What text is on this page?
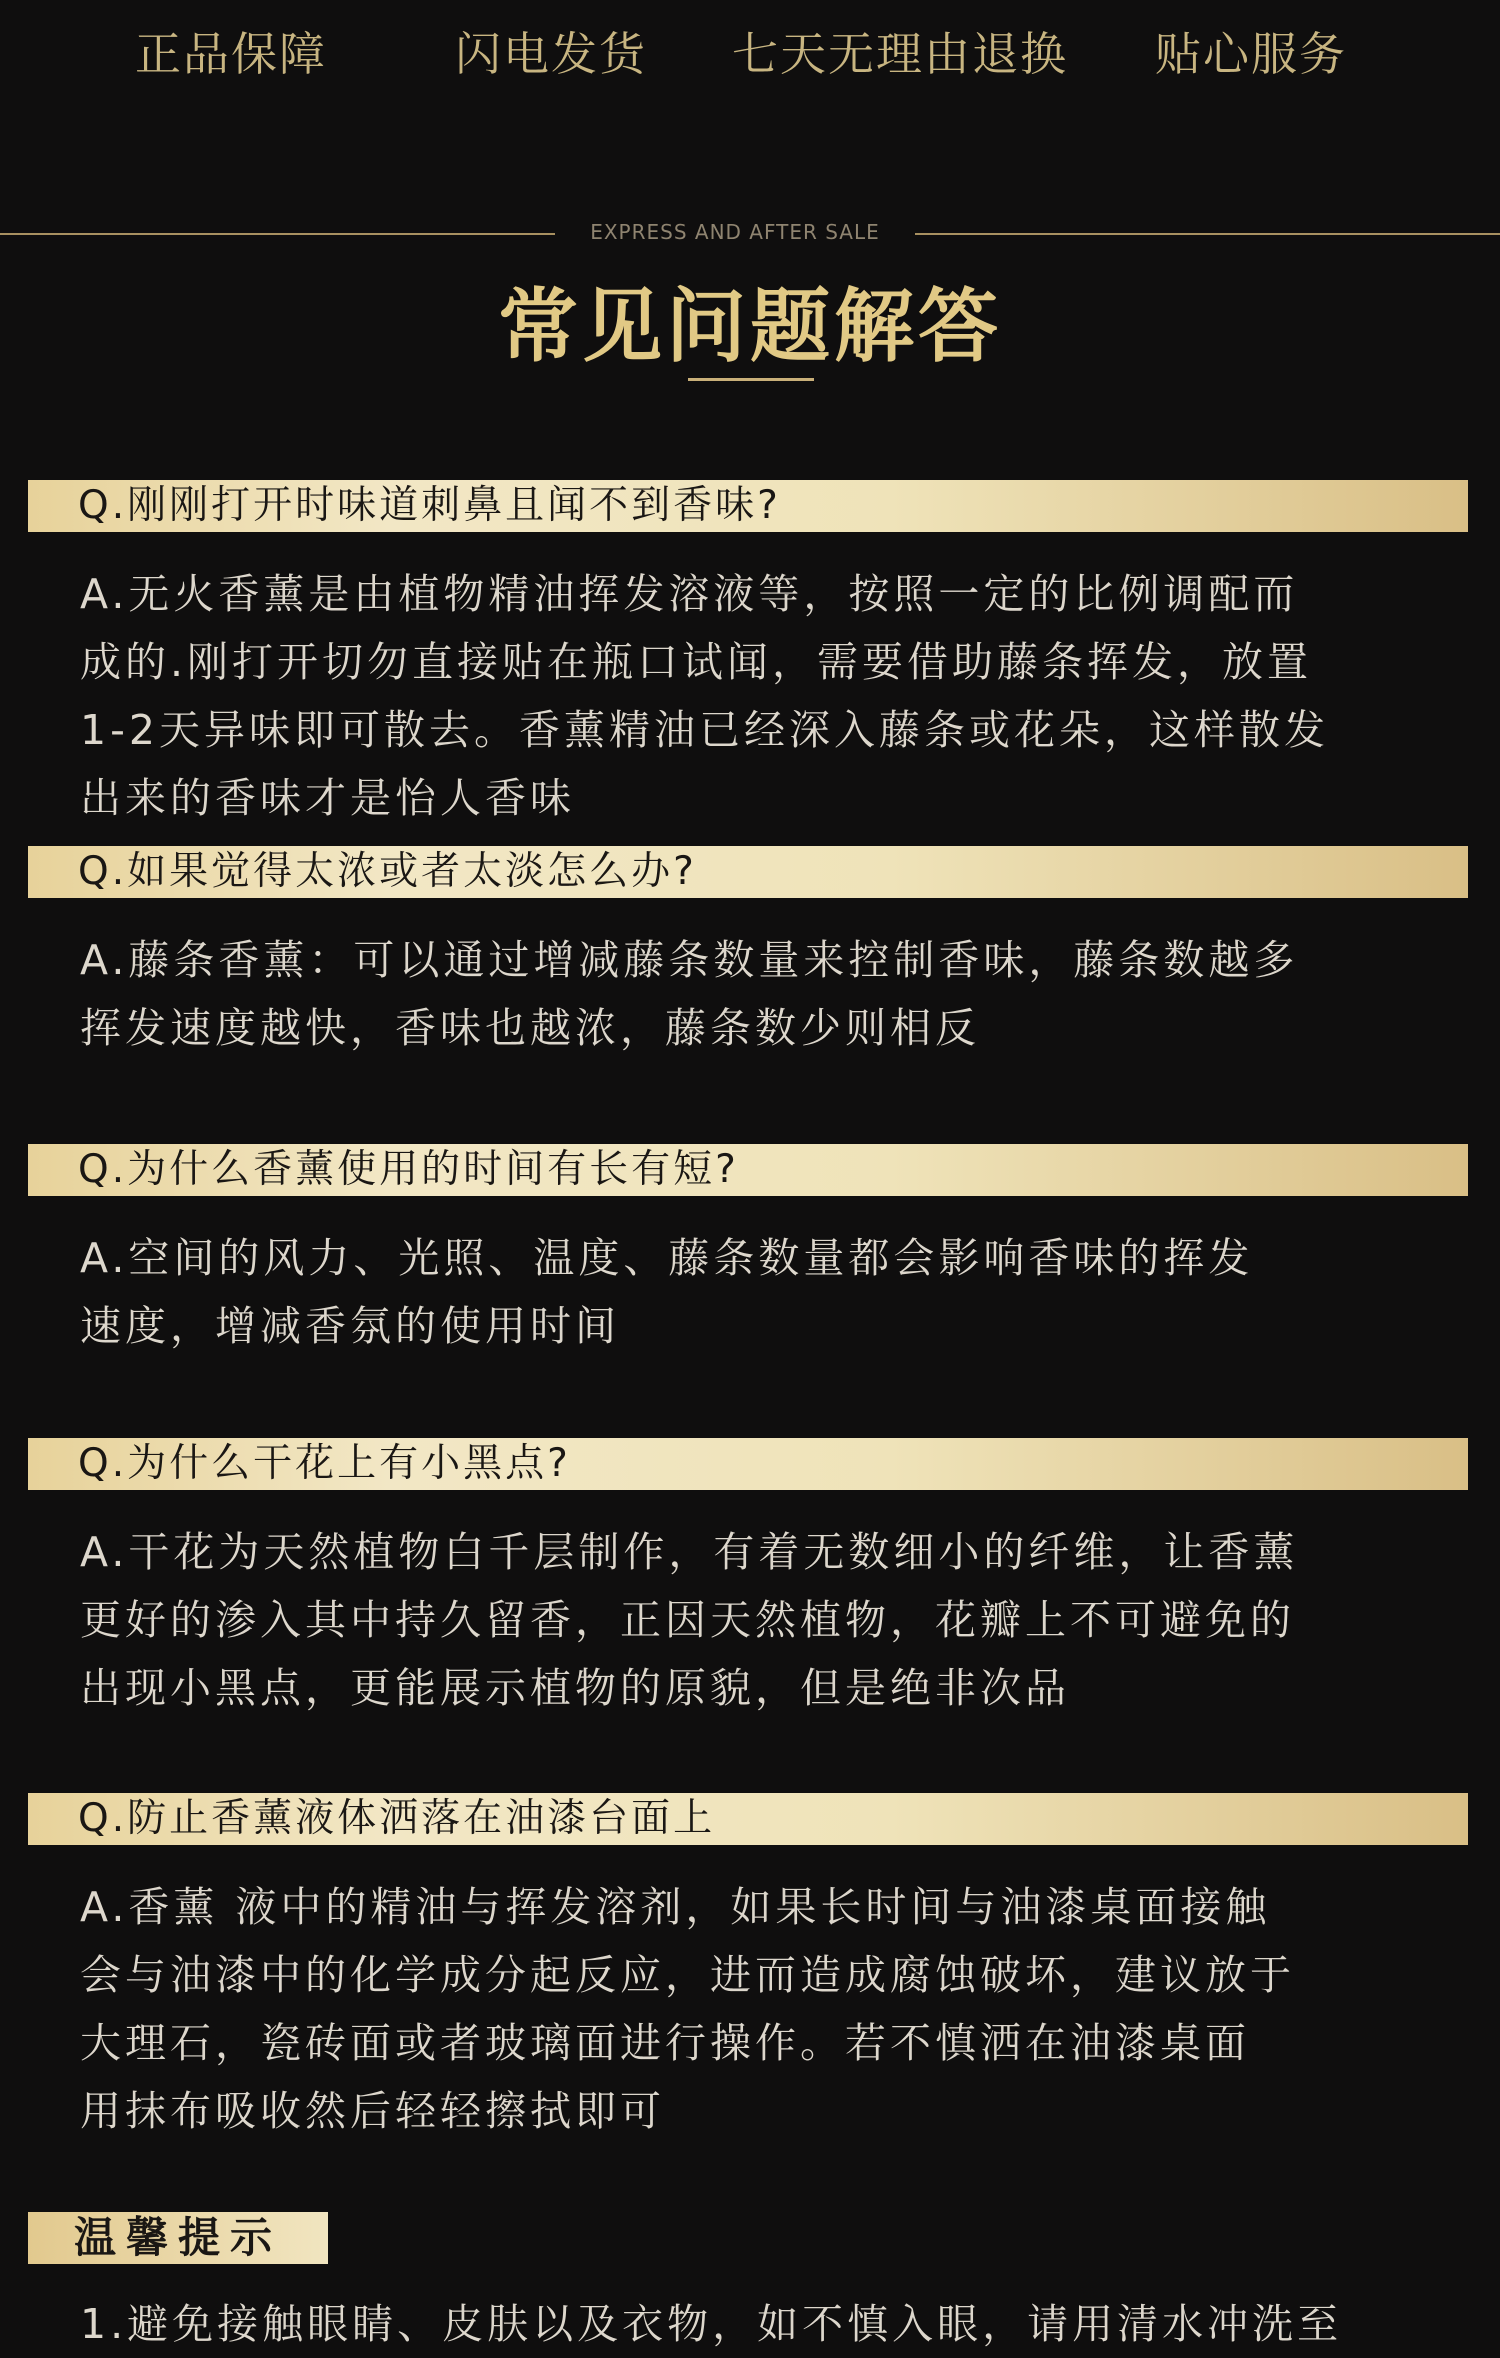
正品保障	闪电发货 七天无理由退换 贴心服务
EXPRESS AND AFTER SALE
常见问题解答
Q.刚刚打开时味道刺鼻且闻不到香味?
A.无火香薰是由植物精油挥发溶液等，按照一定的比例调配而
成的.刚打开切勿直接贴在瓶口试闻，需要借助藤条挥发，放置
1-2天异味即可散去。香薰精油已经深入藤条或花朵，这样散发
出来的香味才是怡人香味
Q.如果觉得太浓或者太淡怎么办?
A.藤条香薰：可以通过增减藤条数量来控制香味，藤条数越多
挥发速度越快，香味也越浓，藤条数少则相反
Q.为什么香薰使用的时间有长有短?
A.空间的风力、光照、温度、藤条数量都会影响香味的挥发
速度，增减香氛的使用时间
Q.为什么干花上有小黑点?
A.干花为天然植物白千层制作，有着无数细小的纤维，让香薰
更好的渗入其中持久留香，正因天然植物，花瓣上不可避免的
出现小黑点，更能展示植物的原貌，但是绝非次品
Q.防止香薰液体洒落在油漆台面上
A.香薰 液中的精油与挥发溶剂，如果长时间与油漆桌面接触
会与油漆中的化学成分起反应，进而造成腐蚀破坏，建议放于
大理石，瓷砖面或者玻璃面进行操作。若不慎洒在油漆桌面
用抹布吸收然后轻轻擦拭即可
温馨提示
1.避免接触眼睛、皮肤以及衣物，如不慎入眼，请用清水冲洗至
